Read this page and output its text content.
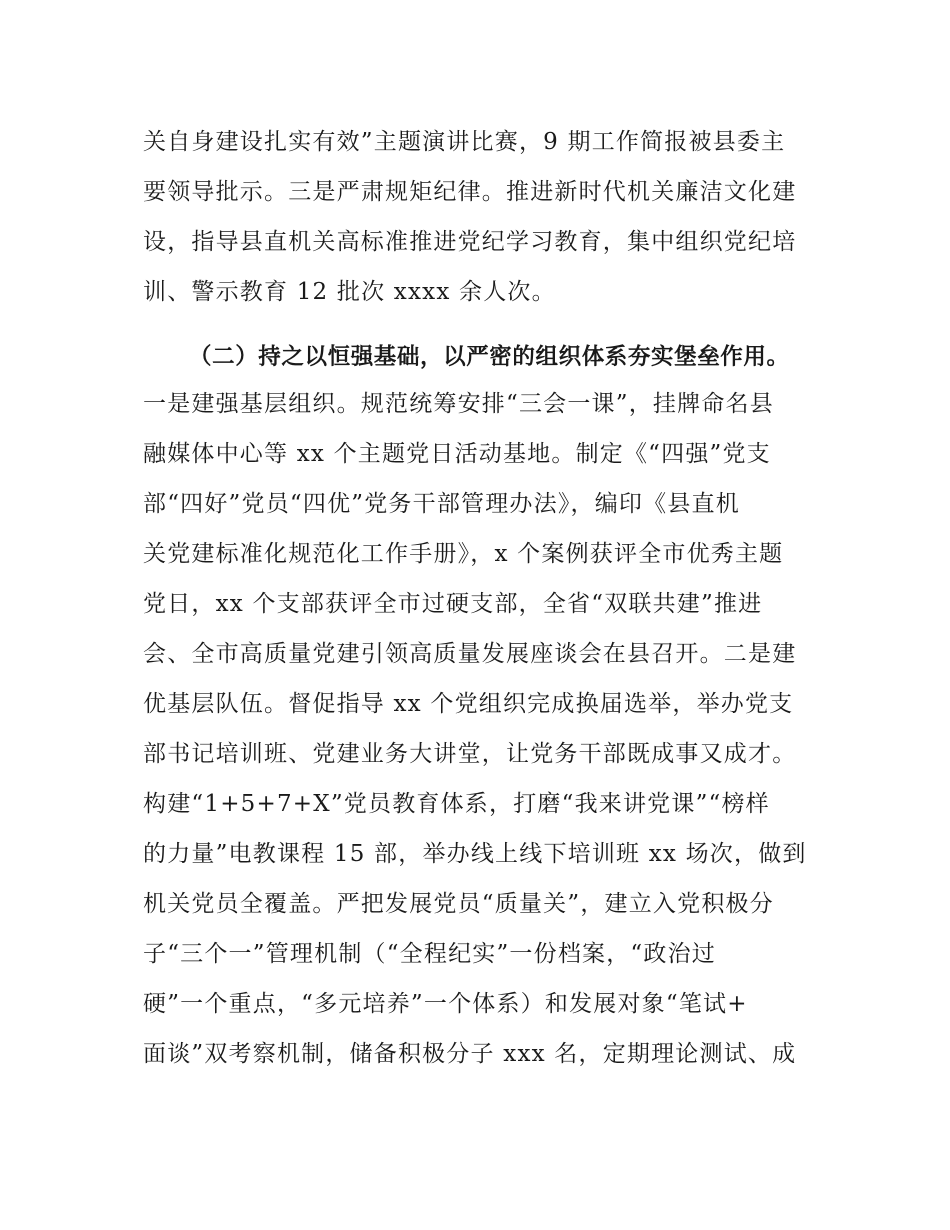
关自身建设扎实有效”主题演讲比赛，9 期工作简报被县委主
要领导批示。三是严肃规矩纪律。推进新时代机关廉洁文化建
设，指导县直机关高标准推进党纪学习教育，集中组织党纪培
训、警示教育 12 批次 xxxx 余人次。
（二）持之以恒强基础，以严密的组织体系夯实堡垒作用。
一是建强基层组织。规范统筹安排“三会一课”，挂牌命名县
融媒体中心等 xx 个主题党日活动基地。制定《“四强”党支
部“四好”党员“四优”党务干部管理办法》，编印《县直机
关党建标准化规范化工作手册》，x 个案例获评全市优秀主题
党日，xx 个支部获评全市过硬支部，全省“双联共建”推进
会、全市高质量党建引领高质量发展座谈会在县召开。二是建
优基层队伍。督促指导 xx 个党组织完成换届选举，举办党支
部书记培训班、党建业务大讲堂，让党务干部既成事又成才。
构建“1+5+7+X”党员教育体系，打磨“我来讲党课”“榜样
的力量”电教课程 15 部，举办线上线下培训班 xx 场次，做到
机关党员全覆盖。严把发展党员“质量关”，建立入党积极分
子“三个一”管理机制（“全程纪实”一份档案，“政治过
硬”一个重点，“多元培养”一个体系）和发展对象“笔试+
面谈”双考察机制，储备积极分子 xxx 名，定期理论测试、成
